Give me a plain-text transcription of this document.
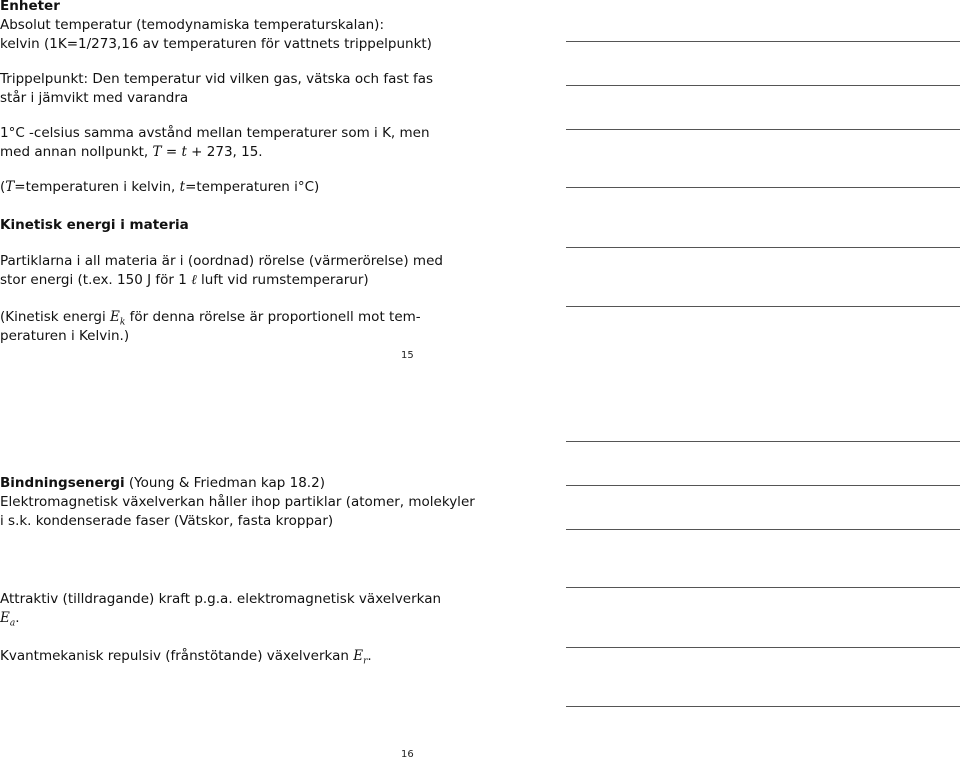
Enheter

Absolut temperatur (temodynamiska temperaturskalan):

kelvin (1K=1/273,16 av temperaturen för vattnets trippelpunkt)

Trippelpunkt: Den temperatur vid vilken gas, vätska och fast fas

står i jämvikt med varandra

1°C -celsius samma avstånd mellan temperaturer som i K, men

med annan nollpunkt, T = t + 273, 15.

(T=temperaturen i kelvin, t=temperaturen i°C)

Kinetisk energi i materia

Partiklarna i all materia är i (oordnad) rörelse (värmerörelse) med

stor energi (t.ex. 150 J för 1 ℓ luft vid rumstemperarur)

(Kinetisk energi $E_k$ för denna rörelse är proportionell mot tem-

peraturen i Kelvin.)

15

Bindningsenergi (Young & Friedman kap 18.2)

Elektromagnetisk växelverkan håller ihop partiklar (atomer, molekyler

i s.k. kondenserade faser (Vätskor, fasta kroppar)

Attraktiv (tilldragande) kraft p.g.a. elektromagnetisk växelverkan

$E_a$.

Kvantmekanisk repulsiv (frånstötande) växelverkan $E_r$.

16
